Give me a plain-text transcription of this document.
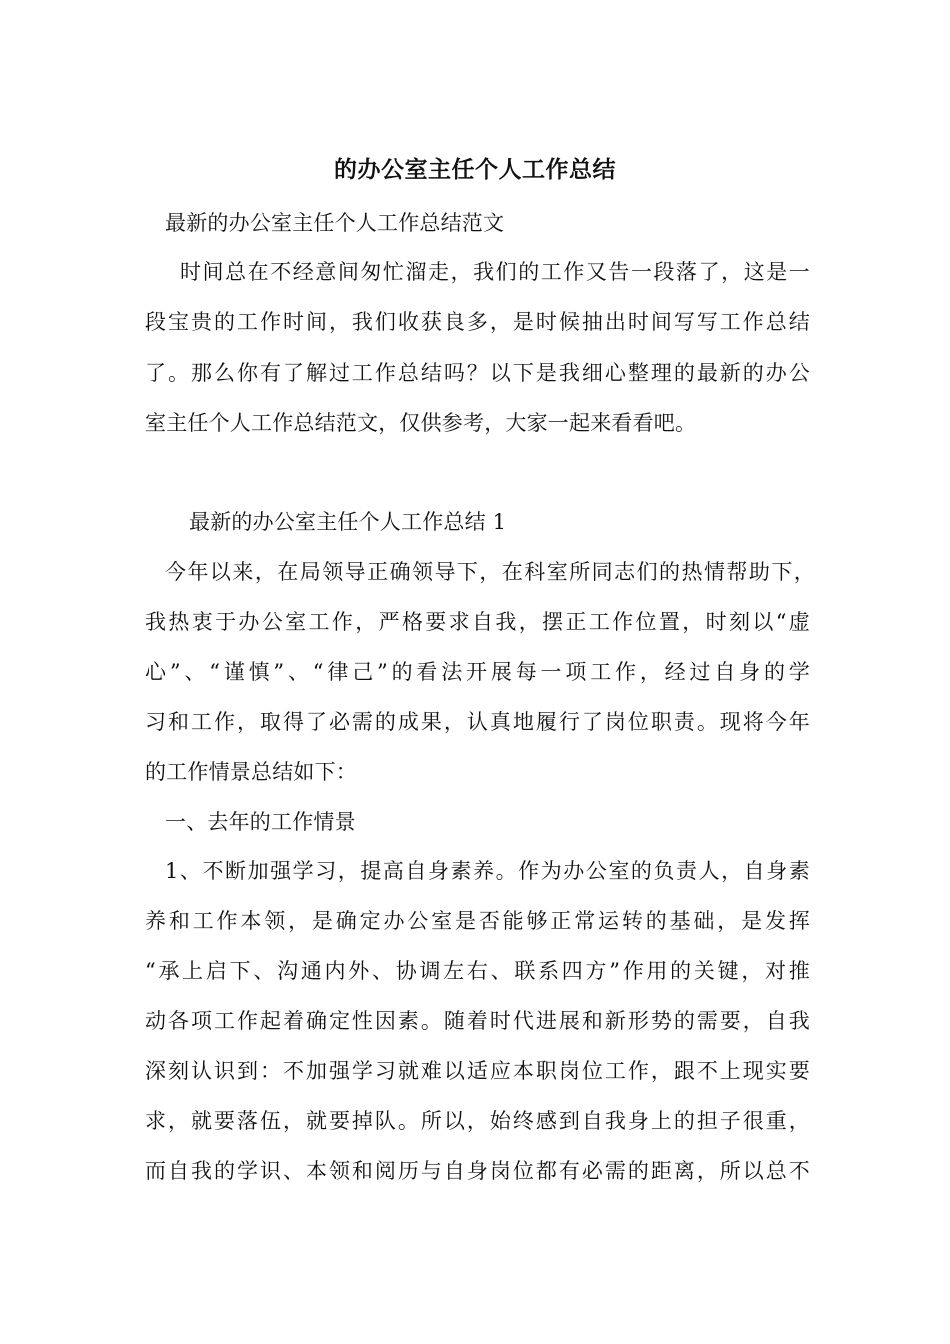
的办公室主任个人工作总结
最新的办公室主任个人工作总结范文
时间总在不经意间匆忙溜走，我们的工作又告一段落了，这是一
段宝贵的工作时间，我们收获良多，是时候抽出时间写写工作总结
了。那么你有了解过工作总结吗？以下是我细心整理的最新的办公
室主任个人工作总结范文，仅供参考，大家一起来看看吧。
最新的办公室主任个人工作总结 1
今年以来，在局领导正确领导下，在科室所同志们的热情帮助下，
我热衷于办公室工作，严格要求自我，摆正工作位置，时刻以“虚
心”、“谨慎”、“律己”的看法开展每一项工作，经过自身的学
习和工作，取得了必需的成果，认真地履行了岗位职责。现将今年
的工作情景总结如下：
一、去年的工作情景
1、不断加强学习，提高自身素养。作为办公室的负责人，自身素
养和工作本领，是确定办公室是否能够正常运转的基础，是发挥
“承上启下、沟通内外、协调左右、联系四方”作用的关键，对推
动各项工作起着确定性因素。随着时代进展和新形势的需要，自我
深刻认识到：不加强学习就难以适应本职岗位工作，跟不上现实要
求，就要落伍，就要掉队。所以，始终感到自我身上的担子很重，
而自我的学识、本领和阅历与自身岗位都有必需的距离，所以总不
